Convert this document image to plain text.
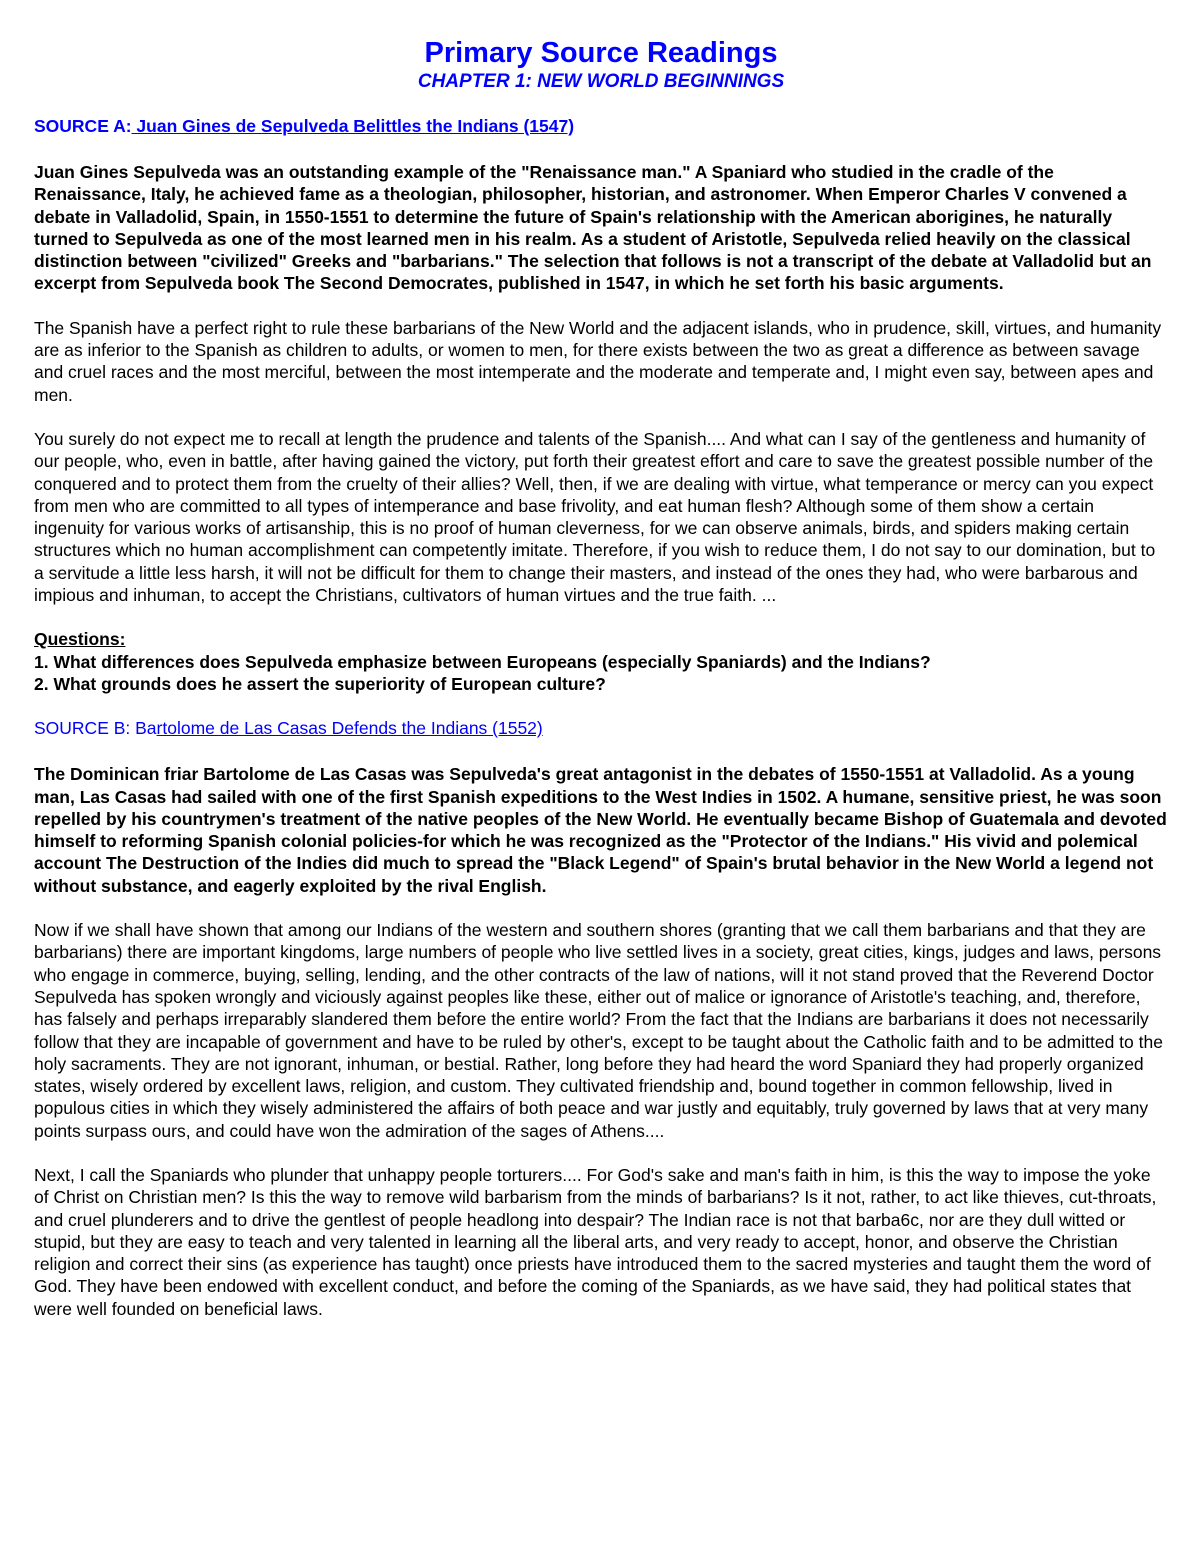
Primary Source Readings
CHAPTER 1: NEW WORLD BEGINNINGS
SOURCE A: Juan Gines de Sepulveda Belittles the Indians (1547)

Juan Gines Sepulveda was an outstanding example of the "Renaissance man." A Spaniard who studied in the cradle of the Renaissance, Italy, he achieved fame as a theologian, philosopher, historian, and astronomer. When Emperor Charles V convened a debate in Valladolid, Spain, in 1550-1551 to determine the future of Spain's relationship with the American aborigines, he naturally turned to Sepulveda as one of the most learned men in his realm. As a student of Aristotle, Sepulveda relied heavily on the classical distinction between "civilized" Greeks and "barbarians." The selection that follows is not a transcript of the debate at Valladolid but an excerpt from Sepulveda book The Second Democrates, published in 1547, in which he set forth his basic arguments.

The Spanish have a perfect right to rule these barbarians of the New World and the adjacent islands, who in prudence, skill, virtues, and humanity are as inferior to the Spanish as children to adults, or women to men, for there exists between the two as great a difference as between savage and cruel races and the most merciful, between the most intemperate and the moderate and temperate and, I might even say, between apes and men.

You surely do not expect me to recall at length the prudence and talents of the Spanish.... And what can I say of the gentleness and humanity of our people, who, even in battle, after having gained the victory, put forth their greatest effort and care to save the greatest possible number of the conquered and to protect them from the cruelty of their allies? Well, then, if we are dealing with virtue, what temperance or mercy can you expect from men who are committed to all types of intemperance and base frivolity, and eat human flesh? Although some of them show a certain ingenuity for various works of artisanship, this is no proof of human cleverness, for we can observe animals, birds, and spiders making certain structures which no human accomplishment can competently imitate. Therefore, if you wish to reduce them, I do not say to our domination, but to a servitude a little less harsh, it will not be difficult for them to change their masters, and instead of the ones they had, who were barbarous and impious and inhuman, to accept the Christians, cultivators of human virtues and the true faith. ...

Questions:
1. What differences does Sepulveda emphasize between Europeans (especially Spaniards) and the Indians?
2. What grounds does he assert the superiority of European culture?
SOURCE B: Bartolome de Las Casas Defends the Indians (1552)

The Dominican friar Bartolome de Las Casas was Sepulveda's great antagonist in the debates of 1550-1551 at Valladolid. As a young man, Las Casas had sailed with one of the first Spanish expeditions to the West Indies in 1502. A humane, sensitive priest, he was soon repelled by his countrymen's treatment of the native peoples of the New World. He eventually became Bishop of Guatemala and devoted himself to reforming Spanish colonial policies-for which he was recognized as the "Protector of the Indians." His vivid and polemical account The Destruction of the Indies did much to spread the "Black Legend" of Spain's brutal behavior in the New World a legend not without substance, and eagerly exploited by the rival English.

Now if we shall have shown that among our Indians of the western and southern shores (granting that we call them barbarians and that they are barbarians) there are important kingdoms, large numbers of people who live settled lives in a society, great cities, kings, judges and laws, persons who engage in commerce, buying, selling, lending, and the other contracts of the law of nations, will it not stand proved that the Reverend Doctor Sepulveda has spoken wrongly and viciously against peoples like these, either out of malice or ignorance of Aristotle's teaching, and, therefore, has falsely and perhaps irreparably slandered them before the entire world? From the fact that the Indians are barbarians it does not necessarily follow that they are incapable of government and have to be ruled by other's, except to be taught about the Catholic faith and to be admitted to the holy sacraments. They are not ignorant, inhuman, or bestial. Rather, long before they had heard the word Spaniard they had properly organized states, wisely ordered by excellent laws, religion, and custom. They cultivated friendship and, bound together in common fellowship, lived in populous cities in which they wisely administered the affairs of both peace and war justly and equitably, truly governed by laws that at very many points surpass ours, and could have won the admiration of the sages of Athens....

Next, I call the Spaniards who plunder that unhappy people torturers.... For God's sake and man's faith in him, is this the way to impose the yoke of Christ on Christian men? Is this the way to remove wild barbarism from the minds of barbarians? Is it not, rather, to act like thieves, cut-throats, and cruel plunderers and to drive the gentlest of people headlong into despair? The Indian race is not that barba6c, nor are they dull witted or stupid, but they are easy to teach and very talented in learning all the liberal arts, and very ready to accept, honor, and observe the Christian religion and correct their sins (as experience has taught) once priests have introduced them to the sacred mysteries and taught them the word of God. They have been endowed with excellent conduct, and before the coming of the Spaniards, as we have said, they had political states that were well founded on beneficial laws.
